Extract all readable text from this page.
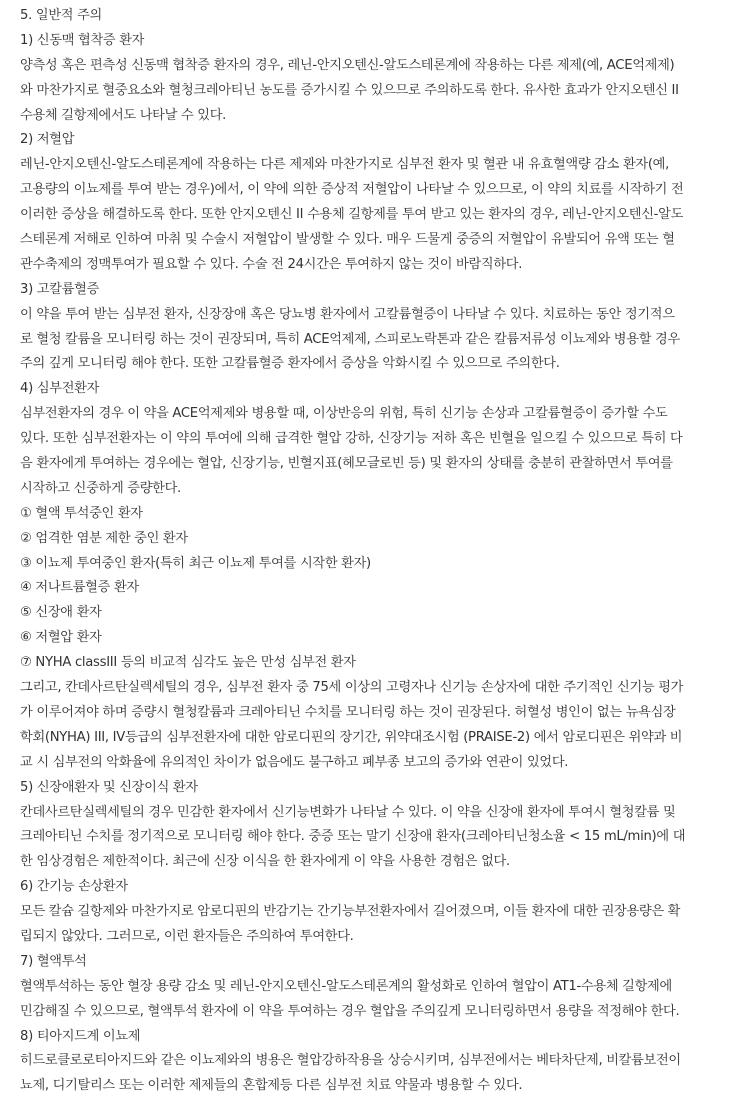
5. 일반적 주의
1) 신동맥 협착증 환자
양측성 혹은 편측성 신동맥 협착증 환자의 경우, 레닌-안지오텐신-알도스테론계에 작용하는 다른 제제(예, ACE억제제)
와 마찬가지로 혈중요소와 혈청크레아티닌 농도를 증가시킬 수 있으므로 주의하도록 한다. 유사한 효과가 안지오텐신 II
수용체 길항제에서도 나타날 수 있다.
2) 저혈압
레닌-안지오텐신-알도스테론계에 작용하는 다른 제제와 마찬가지로 심부전 환자 및 혈관 내 유효혈액량 감소 환자(예,
고용량의 이뇨제를 투여 받는 경우)에서, 이 약에 의한 증상적 저혈압이 나타날 수 있으므로, 이 약의 치료를 시작하기 전
이러한 증상을 해결하도록 한다. 또한 안지오텐신 II 수용체 길항제를 투여 받고 있는 환자의 경우, 레닌-안지오텐신-알도
스테론계 저해로 인하여 마취 및 수술시 저혈압이 발생할 수 있다. 매우 드물게 중증의 저혈압이 유발되어 유액 또는 혈
관수축제의 정맥투여가 필요할 수 있다. 수술 전 24시간은 투여하지 않는 것이 바람직하다.
3) 고칼륨혈증
이 약을 투여 받는 심부전 환자, 신장장애 혹은 당뇨병 환자에서 고칼륨혈증이 나타날 수 있다. 치료하는 동안 정기적으
로 혈청 칼륨을 모니터링 하는 것이 권장되며, 특히 ACE억제제, 스피로노락톤과 같은 칼륨저류성 이뇨제와 병용할 경우
주의 깊게 모니터링 해야 한다. 또한 고칼륨혈증 환자에서 증상을 악화시킬 수 있으므로 주의한다.
4) 심부전환자
심부전환자의 경우 이 약을 ACE억제제와 병용할 때, 이상반응의 위험, 특히 신기능 손상과 고칼륨혈증이 증가할 수도
있다. 또한 심부전환자는 이 약의 투여에 의해 급격한 혈압 강하, 신장기능 저하 혹은 빈혈을 일으킬 수 있으므로 특히 다
음 환자에게 투여하는 경우에는 혈압, 신장기능, 빈혈지표(헤모글로빈 등) 및 환자의 상태를 충분히 관찰하면서 투여를
시작하고 신중하게 증량한다.
① 혈액 투석중인 환자
② 엄격한 염분 제한 중인 환자
③ 이뇨제 투여중인 환자(특히 최근 이뇨제 투여를 시작한 환자)
④ 저나트륨혈증 환자
⑤ 신장애 환자
⑥ 저혈압 환자
⑦ NYHA classIII 등의 비교적 심각도 높은 만성 심부전 환자
그리고, 칸데사르탄실렉세틸의 경우, 심부전 환자 중 75세 이상의 고령자나 신기능 손상자에 대한 주기적인 신기능 평가
가 이루어져야 하며 증량시 혈청칼륨과 크레아티닌 수치를 모니터링 하는 것이 권장된다. 허혈성 병인이 없는 뉴욕심장
학회(NYHA) III, IV등급의 심부전환자에 대한 암로디핀의 장기간, 위약대조시험 (PRAISE-2) 에서 암로디핀은 위약과 비
교 시 심부전의 악화율에 유의적인 차이가 없음에도 불구하고 폐부종 보고의 증가와 연관이 있었다.
5) 신장애환자 및 신장이식 환자
칸데사르탄실렉세틸의 경우 민감한 환자에서 신기능변화가 나타날 수 있다. 이 약을 신장애 환자에 투여시 혈청칼륨 및
크레아티닌 수치를 정기적으로 모니터링 해야 한다. 중증 또는 말기 신장애 환자(크레아티닌청소율 < 15 mL/min)에 대
한 임상경험은 제한적이다. 최근에 신장 이식을 한 환자에게 이 약을 사용한 경험은 없다.
6) 간기능 손상환자
모든 칼슘 길항제와 마찬가지로 암로디핀의 반감기는 간기능부전환자에서 길어졌으며, 이들 환자에 대한 권장용량은 확
립되지 않았다. 그러므로, 이런 환자들은 주의하여 투여한다.
7) 혈액투석
혈액투석하는 동안 혈장 용량 감소 및 레닌-안지오텐신-알도스테론계의 활성화로 인하여 혈압이 AT1-수용체 길항제에
민감해질 수 있으므로, 혈액투석 환자에 이 약을 투여하는 경우 혈압을 주의깊게 모니터링하면서 용량을 적정해야 한다.
8) 티아지드계 이뇨제
히드로클로로티아지드와 같은 이뇨제와의 병용은 혈압강하작용을 상승시키며, 심부전에서는 베타차단제, 비칼륨보전이
뇨제, 디기탈리스 또는 이러한 제제들의 혼합제등 다른 심부전 치료 약물과 병용할 수 있다.
